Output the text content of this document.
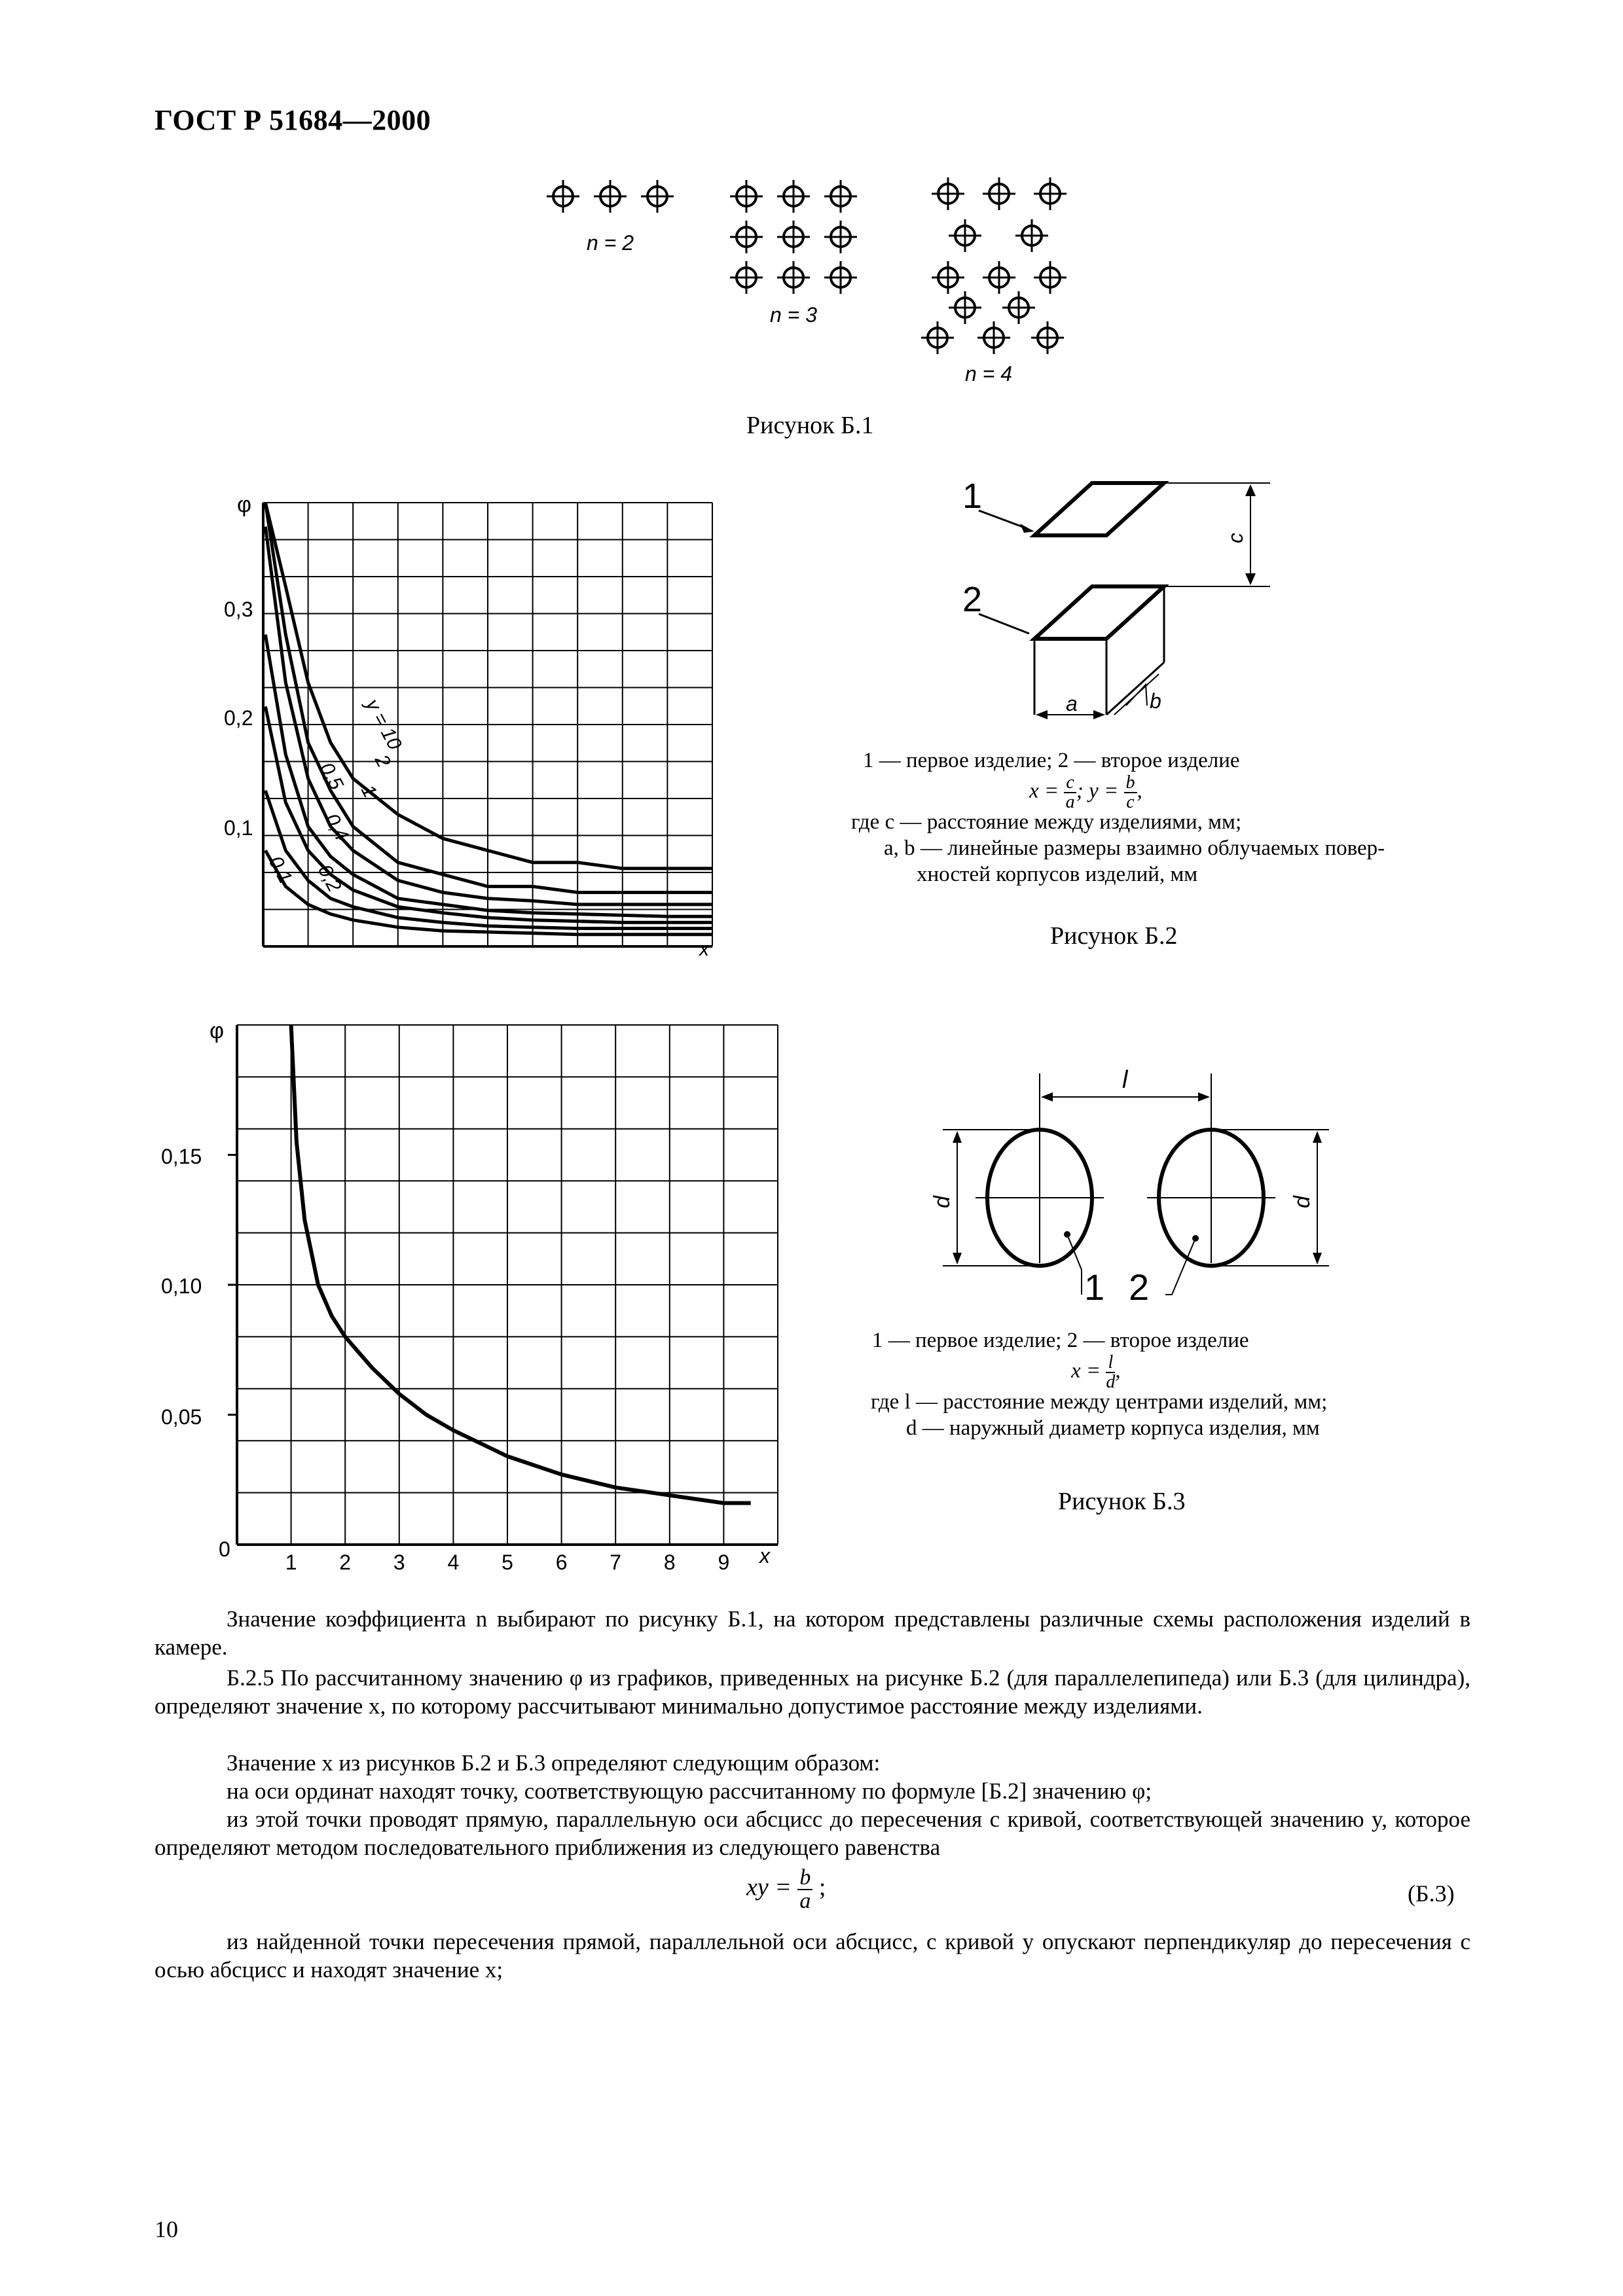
ГОСТ Р 51684—2000
n = 2
n = 3
n = 4
Рисунок Б.1
φ
x
0,3
0,2
0,1
y = 10
2
1
0,5
0,4
0,2
0,1
1
2
c
a	b
1 — первое изделие; 2 — второе изделие
$x = \frac{c}{a}$ ; $y = \frac{b}{c}$ ,
где c — расстояние между изделиями, мм;
a, b — линейные размеры взаимно облучаемых повер-
хностей корпусов изделий, мм
Рисунок Б.2
φ
x
0,15
0,10
0,05
0
1 2 3 4 5 6 7 8 9
l
d	d
1 2
1 — первое изделие; 2 — второе изделие
$x = \frac{l}{d}$ ,
где l — расстояние между центрами изделий, мм;
d — наружный диаметр корпуса изделия, мм
Рисунок Б.3
Значение коэффициента n выбирают по рисунку Б.1, на котором представлены различные схемы расположения изделий в камере.
Б.2.5 По рассчитанному значению φ из графиков, приведенных на рисунке Б.2 (для параллелепипеда) или Б.3 (для цилиндра), определяют значение x, по которому рассчитывают минимально допустимое расстояние между изделиями.
Значение x из рисунков Б.2 и Б.3 определяют следующим образом:
на оси ординат находят точку, соответствующую рассчитанному по формуле [Б.2] значению φ;
из этой точки проводят прямую, параллельную оси абсцисс до пересечения с кривой, соответствующей значению y, которое определяют методом последовательного приближения из следующего равенства
xy = $\frac{b}{a}$ ;	(Б.3)
из найденной точки пересечения прямой, параллельной оси абсцисс, с кривой y опускают перпендикуляр до пересечения с осью абсцисс и находят значение x;
10
